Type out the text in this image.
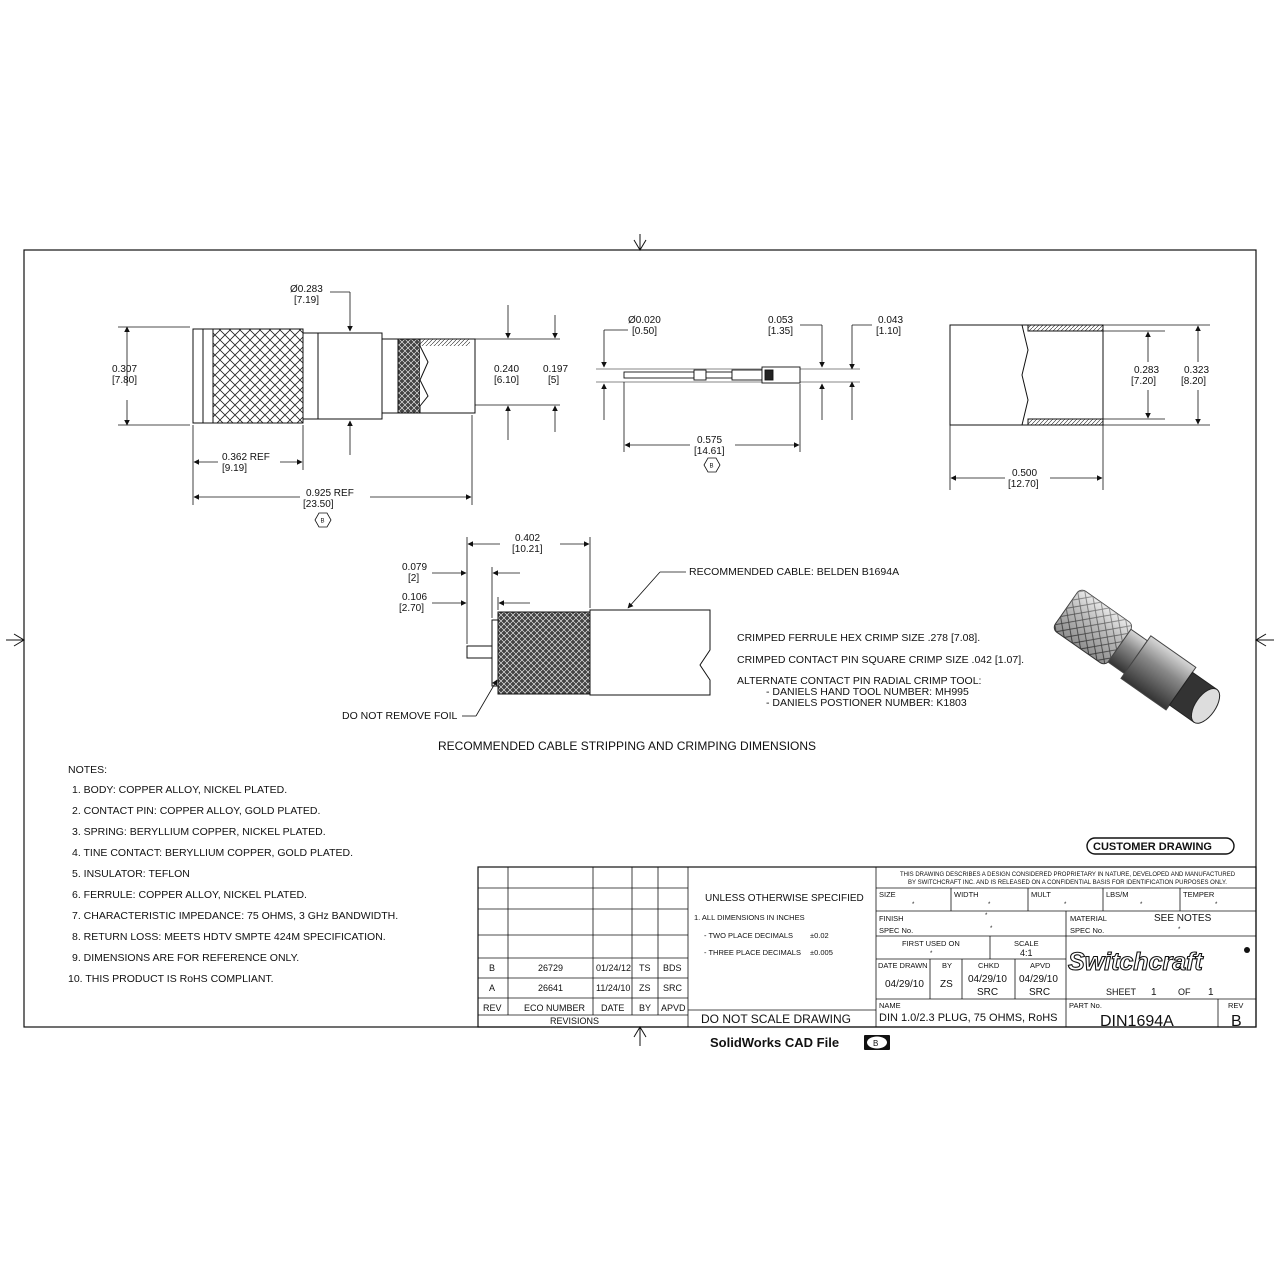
Ø0.283
[7.19]
0.307
[7.80]
0.240
[6.10]
0.197
[5]
0.362 REF
[9.19]
0.925 REF
[23.50]
B
Ø0.020
[0.50]
0.053
[1.35]
0.043
[1.10]
0.575
[14.61]
B
0.283
[7.20]
0.323
[8.20]
0.500
[12.70]
0.402
[10.21]
0.079
[2]
0.106
[2.70]
RECOMMENDED CABLE: BELDEN B1694A
DO NOT REMOVE FOIL
CRIMPED FERRULE HEX CRIMP SIZE .278 [7.08].
CRIMPED CONTACT PIN SQUARE CRIMP SIZE .042 [1.07].
ALTERNATE CONTACT PIN RADIAL CRIMP TOOL:
- DANIELS HAND TOOL NUMBER: MH995
- DANIELS POSTIONER NUMBER: K1803
RECOMMENDED CABLE STRIPPING AND CRIMPING DIMENSIONS
NOTES:
1. BODY: COPPER ALLOY, NICKEL PLATED.
2. CONTACT PIN: COPPER ALLOY, GOLD PLATED.
3. SPRING: BERYLLIUM COPPER, NICKEL PLATED.
4. TINE CONTACT: BERYLLIUM COPPER, GOLD PLATED.
5. INSULATOR: TEFLON
6. FERRULE: COPPER ALLOY, NICKEL PLATED.
7. CHARACTERISTIC IMPEDANCE: 75 OHMS, 3 GHz BANDWIDTH.
8. RETURN LOSS: MEETS HDTV SMPTE 424M SPECIFICATION.
9. DIMENSIONS ARE FOR REFERENCE ONLY.
10. THIS PRODUCT IS RoHS COMPLIANT.
CUSTOMER DRAWING
B	26729	01/24/12 TS BDS
A	26641	11/24/10 ZS SRC
REV ECO NUMBER DATE BY APVD
REVISIONS
UNLESS OTHERWISE SPECIFIED
1. ALL DIMENSIONS IN INCHES
- TWO PLACE DECIMALS ±0.02
- THREE PLACE DECIMALS ±0.005
DO NOT SCALE DRAWING
THIS DRAWING DESCRIBES A DESIGN CONSIDERED PROPRIETARY IN NATURE, DEVELOPED AND MANUFACTURED
BY SWITCHCRAFT INC. AND IS RELEASED ON A CONFIDENTIAL BASIS FOR IDENTIFICATION PURPOSES ONLY.
SIZE
*
WIDTH
*
MULT
*
LBS/M
*
TEMPER
*
FINISH	*
SPEC No.	*
MATERIAL	SEE NOTES
SPEC No.	*
FIRST USED ON
*
SCALE
4:1
DATE DRAWN
04/29/10
BY
ZS
CHKD
04/29/10
SRC
APVD
04/29/10
SRC
Switchcraft
SHEET 1 OF 1
NAME
DIN 1.0/2.3 PLUG, 75 OHMS, RoHS
PART No.
DIN1694A
REV
B
SolidWorks CAD File	B
